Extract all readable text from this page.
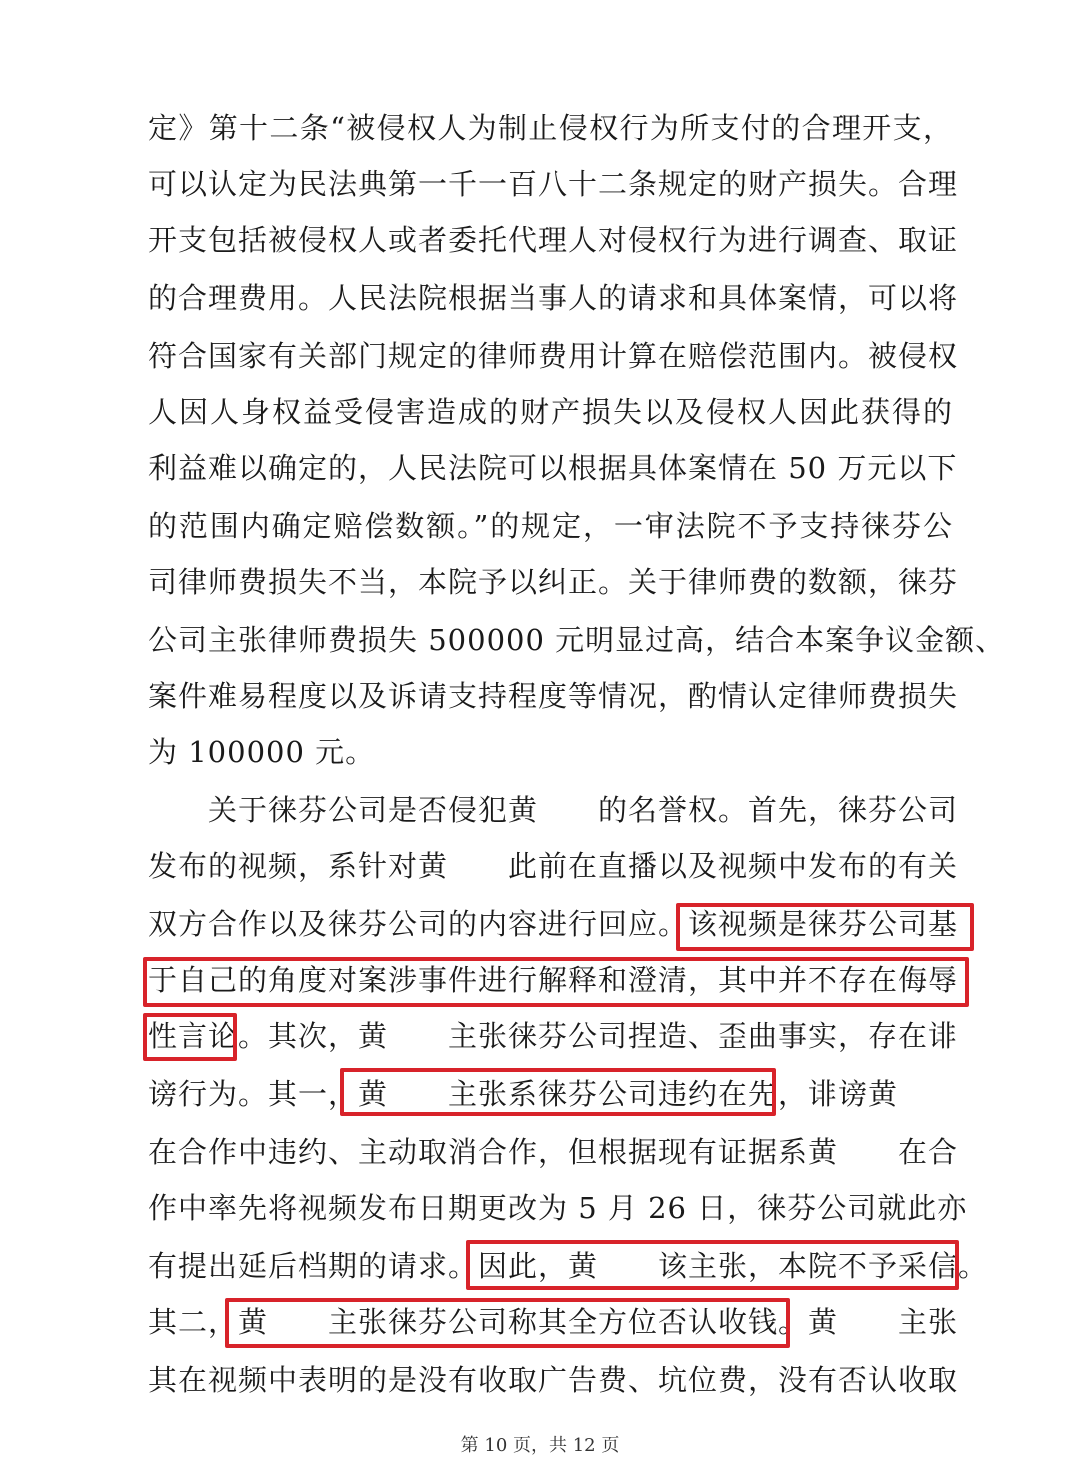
定》第十二条“被侵权人为制止侵权行为所支付的合理开支，
可以认定为民法典第一千一百八十二条规定的财产损失。合理
开支包括被侵权人或者委托代理人对侵权行为进行调查、取证
的合理费用。人民法院根据当事人的请求和具体案情，可以将
符合国家有关部门规定的律师费用计算在赔偿范围内。被侵权
人因人身权益受侵害造成的财产损失以及侵权人因此获得的
利益难以确定的，人民法院可以根据具体案情在 50 万元以下
的范围内确定赔偿数额。”的规定，一审法院不予支持徕芬公
司律师费损失不当，本院予以纠正。关于律师费的数额，徕芬
公司主张律师费损失 500000 元明显过高，结合本案争议金额、
案件难易程度以及诉请支持程度等情况，酌情认定律师费损失
为 100000 元。
关于徕芬公司是否侵犯黄　　的名誉权。首先，徕芬公司
发布的视频，系针对黄　　此前在直播以及视频中发布的有关
双方合作以及徕芬公司的内容进行回应。该视频是徕芬公司基
于自己的角度对案涉事件进行解释和澄清，其中并不存在侮辱
性言论。其次，黄　　主张徕芬公司捏造、歪曲事实，存在诽
谤行为。其一，黄　　主张系徕芬公司违约在先，诽谤黄
在合作中违约、主动取消合作，但根据现有证据系黄　　在合
作中率先将视频发布日期更改为 5 月 26 日，徕芬公司就此亦
有提出延后档期的请求。因此，黄　　该主张，本院不予采信。
其二，黄　　主张徕芬公司称其全方位否认收钱。黄　　主张
其在视频中表明的是没有收取广告费、坑位费，没有否认收取
第 10 页，共 12 页
